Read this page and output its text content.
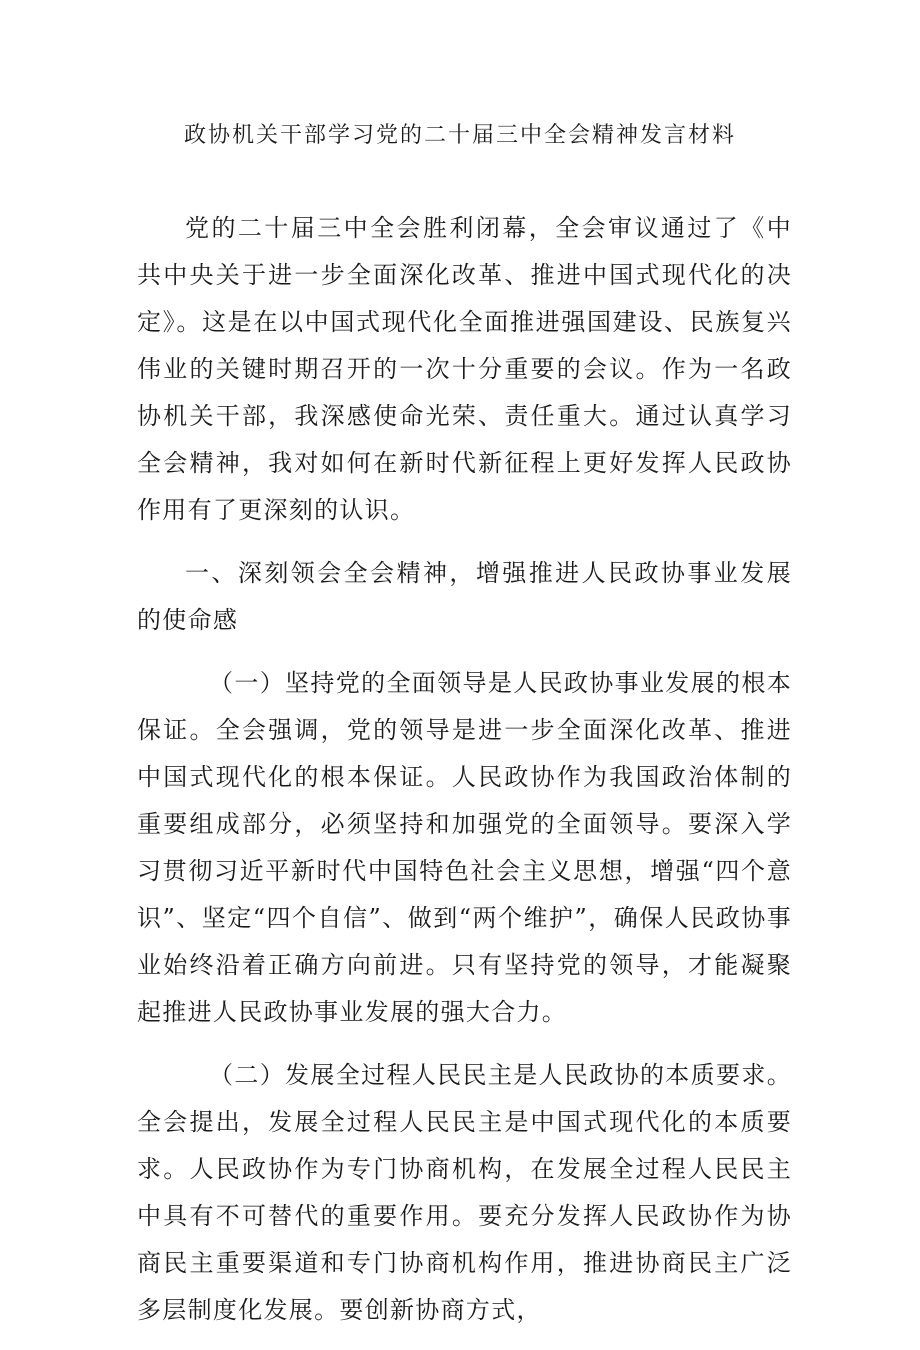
政协机关干部学习党的二十届三中全会精神发言材料

党的二十届三中全会胜利闭幕，全会审议通过了《中共中央关于进一步全面深化改革、推进中国式现代化的决定》。这是在以中国式现代化全面推进强国建设、民族复兴伟业的关键时期召开的一次十分重要的会议。作为一名政协机关干部，我深感使命光荣、责任重大。通过认真学习全会精神，我对如何在新时代新征程上更好发挥人民政协作用有了更深刻的认识。

一、深刻领会全会精神，增强推进人民政协事业发展的使命感

（一）坚持党的全面领导是人民政协事业发展的根本保证。全会强调，党的领导是进一步全面深化改革、推进中国式现代化的根本保证。人民政协作为我国政治体制的重要组成部分，必须坚持和加强党的全面领导。要深入学习贯彻习近平新时代中国特色社会主义思想，增强“四个意识”、坚定“四个自信”、做到“两个维护”，确保人民政协事业始终沿着正确方向前进。只有坚持党的领导，才能凝聚起推进人民政协事业发展的强大合力。

（二）发展全过程人民民主是人民政协的本质要求。全会提出，发展全过程人民民主是中国式现代化的本质要求。人民政协作为专门协商机构，在发展全过程人民民主中具有不可替代的重要作用。要充分发挥人民政协作为协商民主重要渠道和专门协商机构作用，推进协商民主广泛多层制度化发展。要创新协商方式，
